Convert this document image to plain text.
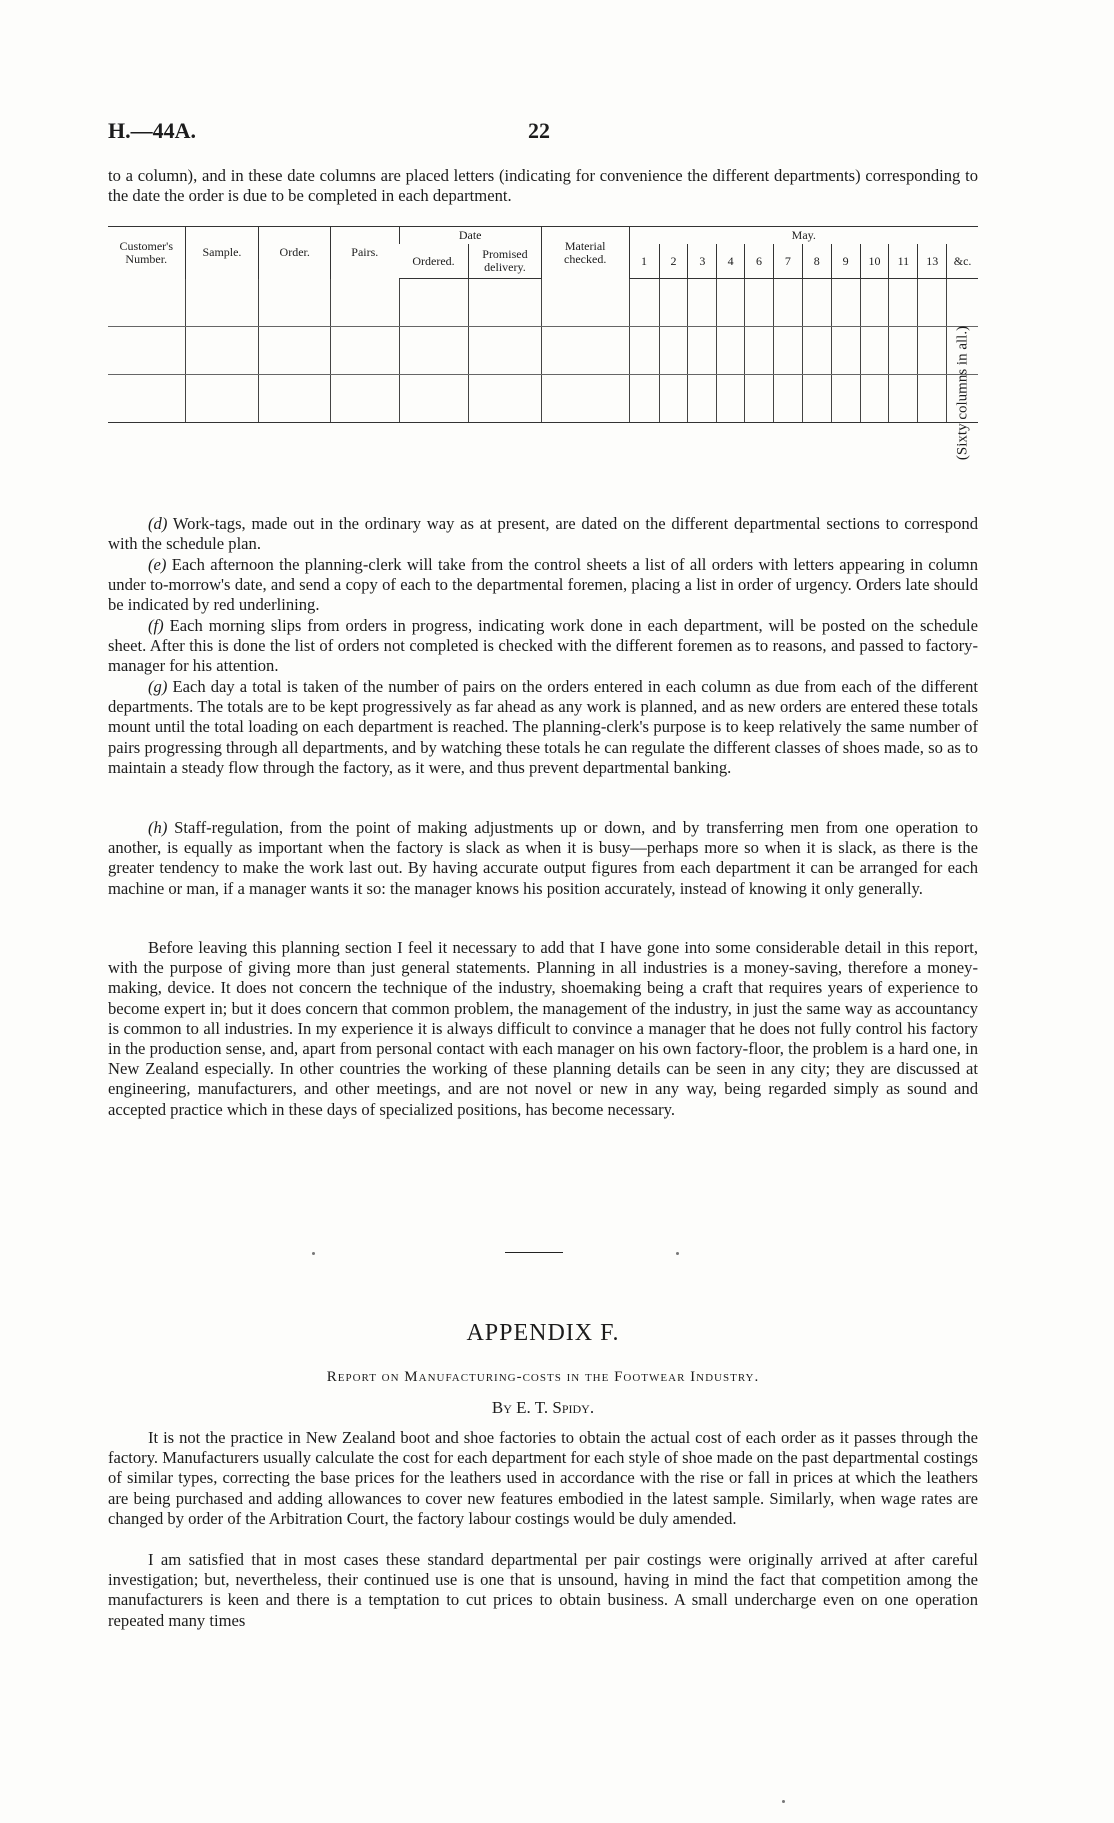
H.—44A.	22

to a column), and in these date columns are placed letters (indicating for convenience the different departments) corresponding to the date the order is due to be completed in each department.

Customer's Number.	Sample.	Order.	Pairs.	Date		Material checked.	May.											
				Ordered.	Promised delivery.		1	2	3	4	6	7	8	9	10	11	13	&c.

(Sixty columns in all.)

(d) Work-tags, made out in the ordinary way as at present, are dated on the different departmental sections to correspond with the schedule plan.

(e) Each afternoon the planning-clerk will take from the control sheets a list of all orders with letters appearing in column under to-morrow's date, and send a copy of each to the departmental foremen, placing a list in order of urgency. Orders late should be indicated by red underlining.

(f) Each morning slips from orders in progress, indicating work done in each department, will be posted on the schedule sheet. After this is done the list of orders not completed is checked with the different foremen as to reasons, and passed to factory-manager for his attention.

(g) Each day a total is taken of the number of pairs on the orders entered in each column as due from each of the different departments. The totals are to be kept progressively as far ahead as any work is planned, and as new orders are entered these totals mount until the total loading on each department is reached. The planning-clerk's purpose is to keep relatively the same number of pairs progressing through all departments, and by watching these totals he can regulate the different classes of shoes made, so as to maintain a steady flow through the factory, as it were, and thus prevent departmental banking.

(h) Staff-regulation, from the point of making adjustments up or down, and by transferring men from one operation to another, is equally as important when the factory is slack as when it is busy—perhaps more so when it is slack, as there is the greater tendency to make the work last out. By having accurate output figures from each department it can be arranged for each machine or man, if a manager wants it so: the manager knows his position accurately, instead of knowing it only generally.

Before leaving this planning section I feel it necessary to add that I have gone into some considerable detail in this report, with the purpose of giving more than just general statements. Planning in all industries is a money-saving, therefore a money-making, device. It does not concern the technique of the industry, shoemaking being a craft that requires years of experience to become expert in; but it does concern that common problem, the management of the industry, in just the same way as accountancy is common to all industries. In my experience it is always difficult to convince a manager that he does not fully control his factory in the production sense, and, apart from personal contact with each manager on his own factory-floor, the problem is a hard one, in New Zealand especially. In other countries the working of these planning details can be seen in any city; they are discussed at engineering, manufacturers, and other meetings, and are not novel or new in any way, being regarded simply as sound and accepted practice which in these days of specialized positions, has become necessary.

APPENDIX F.
Report on Manufacturing-costs in the Footwear Industry.
By E. T. Spidy.

It is not the practice in New Zealand boot and shoe factories to obtain the actual cost of each order as it passes through the factory. Manufacturers usually calculate the cost for each department for each style of shoe made on the past departmental costings of similar types, correcting the base prices for the leathers used in accordance with the rise or fall in prices at which the leathers are being purchased and adding allowances to cover new features embodied in the latest sample. Similarly, when wage rates are changed by order of the Arbitration Court, the factory labour costings would be duly amended.

I am satisfied that in most cases these standard departmental per pair costings were originally arrived at after careful investigation; but, nevertheless, their continued use is one that is unsound, having in mind the fact that competition among the manufacturers is keen and there is a temptation to cut prices to obtain business. A small undercharge even on one operation repeated many times
